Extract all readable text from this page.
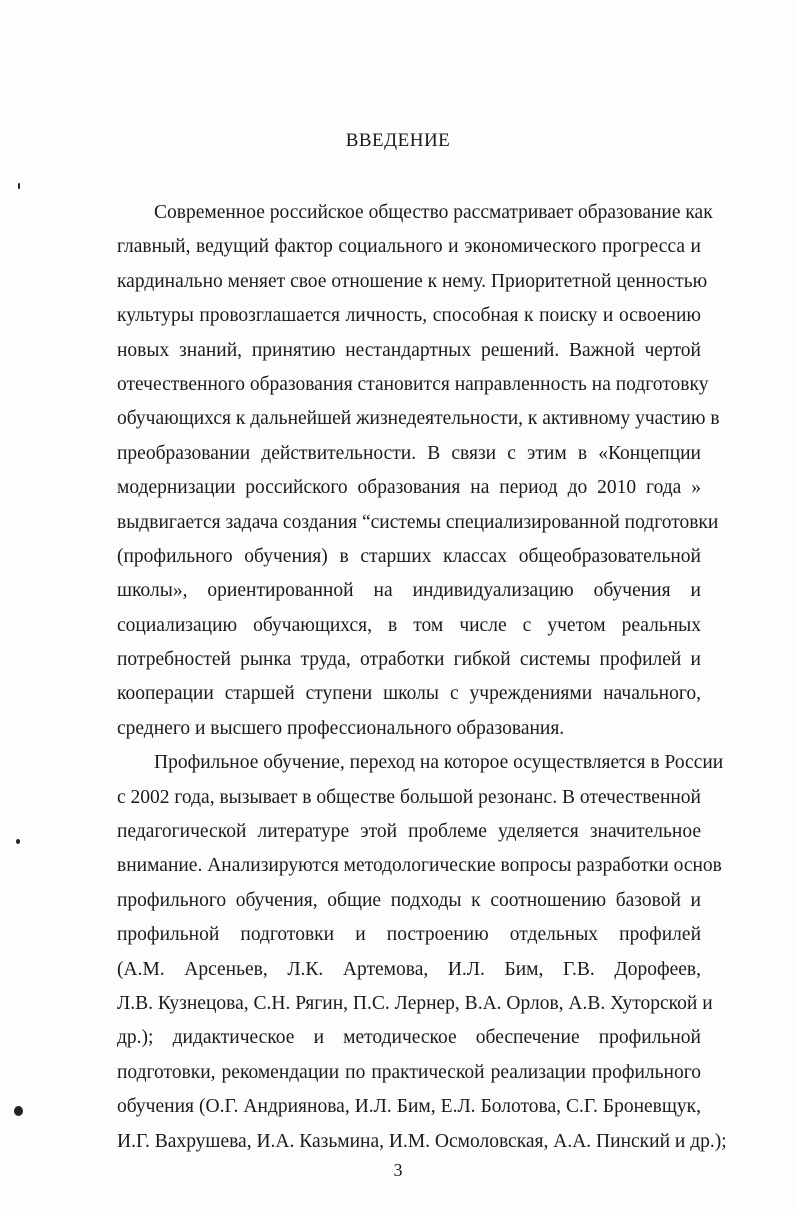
ВВЕДЕНИЕ
Современное российское общество рассматривает образование как
главный, ведущий фактор социального и экономического прогресса и
кардинально меняет свое отношение к нему. Приоритетной ценностью
культуры провозглашается личность, способная к поиску и освоению
новых знаний, принятию нестандартных решений. Важной чертой
отечественного образования становится направленность на подготовку
обучающихся к дальнейшей жизнедеятельности, к активному участию в
преобразовании действительности. В связи с этим в «Концепции
модернизации российского образования на период до 2010 года »
выдвигается задача создания “системы специализированной подготовки
(профильного обучения) в старших классах общеобразовательной
школы», ориентированной на индивидуализацию обучения и
социализацию обучающихся, в том числе с учетом реальных
потребностей рынка труда, отработки гибкой системы профилей и
кооперации старшей ступени школы с учреждениями начального,
среднего и высшего профессионального образования.
Профильное обучение, переход на которое осуществляется в России
с 2002 года, вызывает в обществе большой резонанс. В отечественной
педагогической литературе этой проблеме уделяется значительное
внимание. Анализируются методологические вопросы разработки основ
профильного обучения, общие подходы к соотношению базовой и
профильной подготовки и построению отдельных профилей
(А.М. Арсеньев, Л.К. Артемова, И.Л. Бим, Г.В. Дорофеев,
Л.В. Кузнецова, С.Н. Рягин, П.С. Лернер, В.А. Орлов, А.В. Хуторской и
др.); дидактическое и методическое обеспечение профильной
подготовки, рекомендации по практической реализации профильного
обучения (О.Г. Андриянова, И.Л. Бим, Е.Л. Болотова, С.Г. Броневщук,
И.Г. Вахрушева, И.А. Казьмина, И.М. Осмоловская, А.А. Пинский и др.);
3
